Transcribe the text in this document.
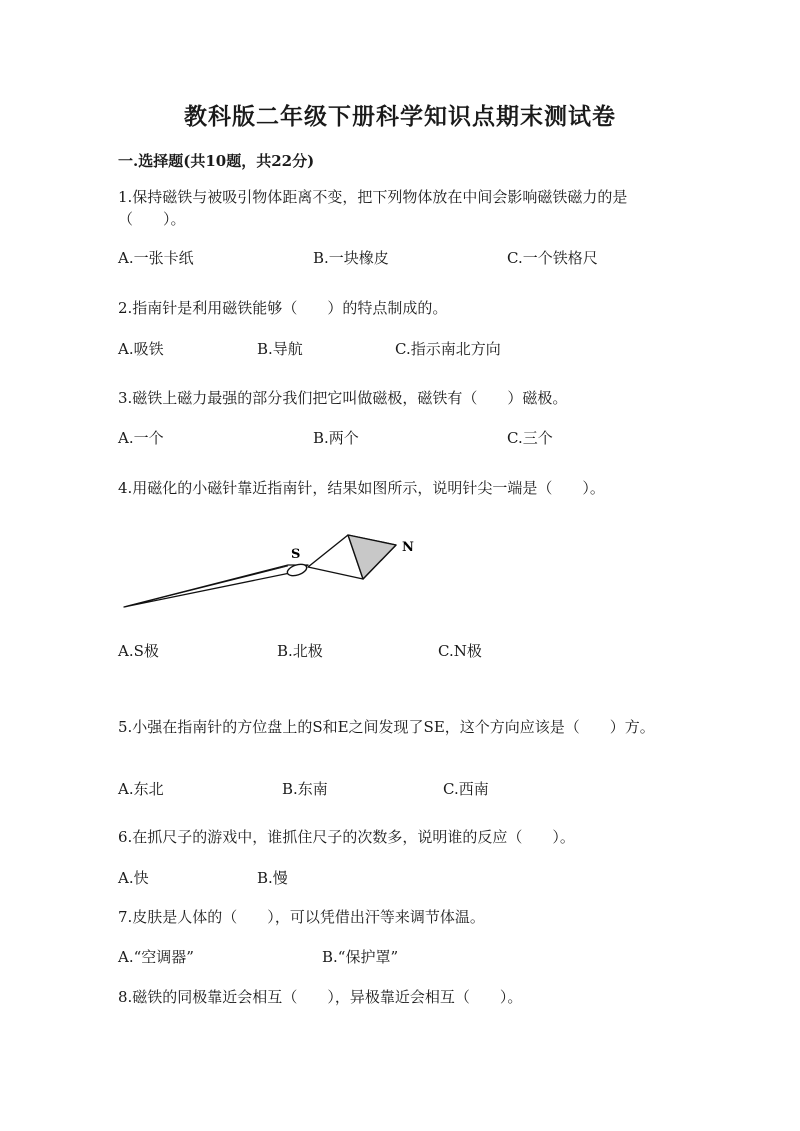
教科版二年级下册科学知识点期末测试卷
一.选择题(共10题，共22分)
1.保持磁铁与被吸引物体距离不变，把下列物体放在中间会影响磁铁磁力的是（　　）。
A.一张卡纸	B.一块橡皮	C.一个铁格尺
2.指南针是利用磁铁能够（　　）的特点制成的。
A.吸铁	B.导航	C.指示南北方向
3.磁铁上磁力最强的部分我们把它叫做磁极，磁铁有（　　）磁极。
A.一个	B.两个	C.三个
4.用磁化的小磁针靠近指南针，结果如图所示，说明针尖一端是（　　）。
S	N
A.S极	B.北极	C.N极
5.小强在指南针的方位盘上的S和E之间发现了SE，这个方向应该是（　　）方。
A.东北	B.东南	C.西南
6.在抓尺子的游戏中，谁抓住尺子的次数多，说明谁的反应（　　）。
A.快	B.慢
7.皮肤是人体的（　　），可以凭借出汗等来调节体温。
A.“空调器”	B.“保护罩”
8.磁铁的同极靠近会相互（　　），异极靠近会相互（　　）。
